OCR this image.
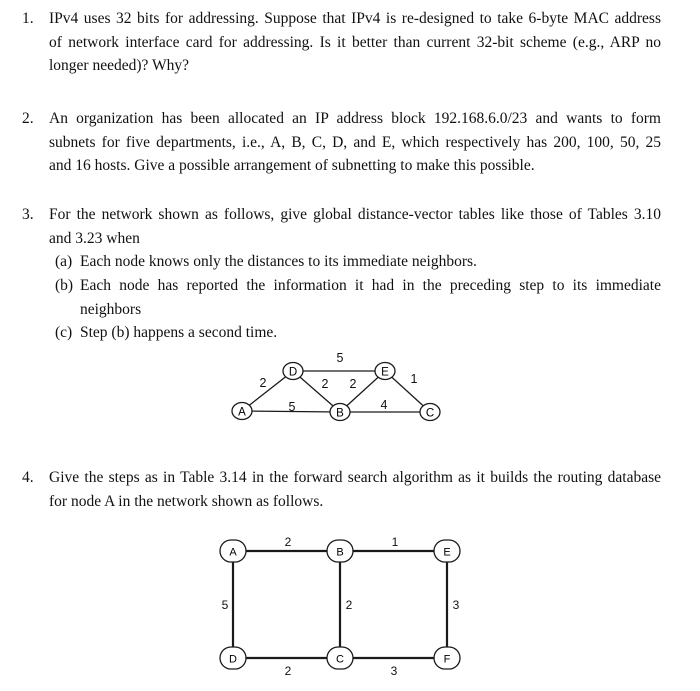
1. IPv4 uses 32 bits for addressing. Suppose that IPv4 is re-designed to take 6-byte MAC address
of network interface card for addressing. Is it better than current 32-bit scheme (e.g., ARP no
longer needed)? Why?
2. An organization has been allocated an IP address block 192.168.6.0/23 and wants to form
subnets for five departments, i.e., A, B, C, D, and E, which respectively has 200, 100, 50, 25
and 16 hosts. Give a possible arrangement of subnetting to make this possible.
3. For the network shown as follows, give global distance-vector tables like those of Tables 3.10
and 3.23 when
(a) Each node knows only the distances to its immediate neighbors.
(b) Each node has reported the information it had in the preceding step to its immediate
neighbors
(c) Step (b) happens a second time.
2
5
5
2 2
4
1
A
D
B
E
C
4. Give the steps as in Table 3.14 in the forward search algorithm as it builds the routing database
for node A in the network shown as follows.
2	1
5	2	3
2	3
A	B	E
D	C	F
